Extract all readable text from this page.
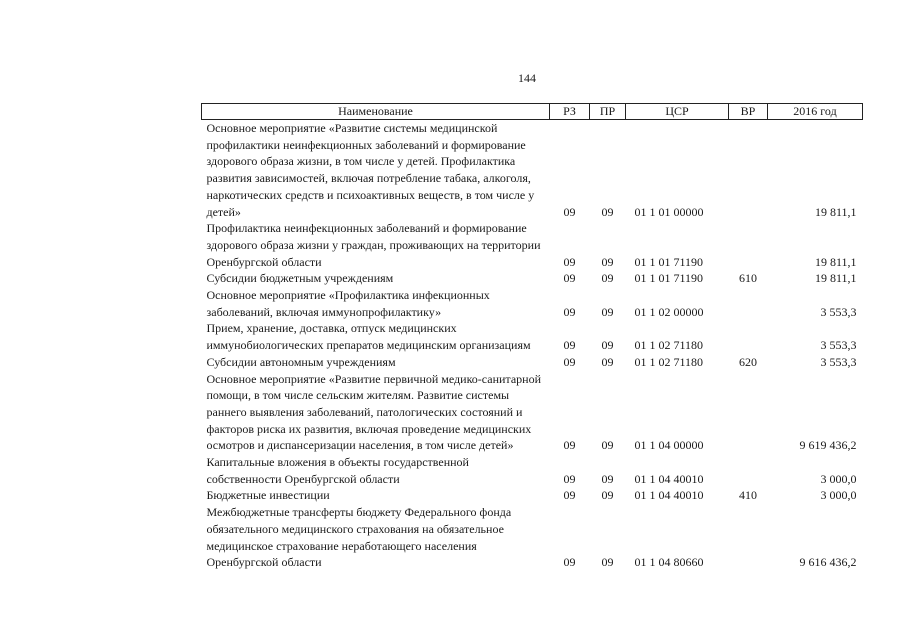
144
Наименование	РЗ	ПР	ЦСР	ВР	2016 год
Основное мероприятие «Развитие системы медицинской профилактики неинфекционных заболеваний и формирование здорового образа жизни, в том числе у детей. Профилактика развития зависимостей, включая потребление табака, алкоголя, наркотических средств и психоактивных веществ, в том числе у детей»	09	09	01 1 01 00000		19 811,1
Профилактика неинфекционных заболеваний и формирование здорового образа жизни у граждан, проживающих на территории Оренбургской области	09	09	01 1 01 71190		19 811,1
Субсидии бюджетным учреждениям	09	09	01 1 01 71190	610	19 811,1
Основное мероприятие «Профилактика инфекционных заболеваний, включая иммунопрофилактику»	09	09	01 1 02 00000		3 553,3
Прием, хранение, доставка, отпуск медицинских иммунобиологических препаратов медицинским организациям	09	09	01 1 02 71180		3 553,3
Субсидии автономным учреждениям	09	09	01 1 02 71180	620	3 553,3
Основное мероприятие «Развитие первичной медико-санитарной помощи, в том числе сельским жителям. Развитие системы раннего выявления заболеваний, патологических состояний и факторов риска их развития, включая проведение медицинских осмотров и диспансеризации населения, в том числе детей»	09	09	01 1 04 00000		9 619 436,2
Капитальные вложения в объекты государственной собственности Оренбургской области	09	09	01 1 04 40010		3 000,0
Бюджетные инвестиции	09	09	01 1 04 40010	410	3 000,0
Межбюджетные трансферты бюджету Федерального фонда обязательного медицинского страхования на обязательное медицинское страхование неработающего населения Оренбургской области	09	09	01 1 04 80660		9 616 436,2
